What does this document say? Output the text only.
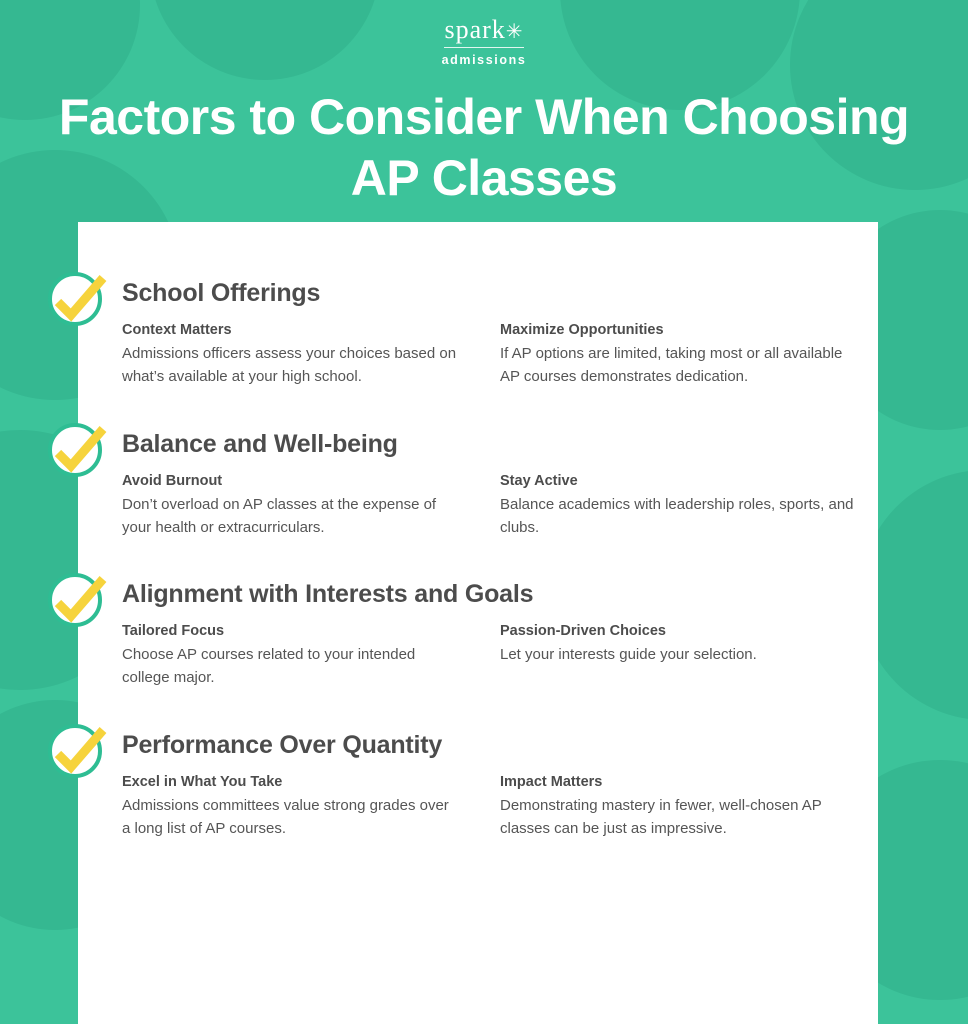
spark✳
admissions
Factors to Consider When Choosing AP Classes
School Offerings
Context Matters
Admissions officers assess your choices based on what’s available at your high school.
Maximize Opportunities
If AP options are limited, taking most or all available AP courses demonstrates dedication.
Balance and Well-being
Avoid Burnout
Don’t overload on AP classes at the expense of your health or extracurriculars.
Stay Active
Balance academics with leadership roles, sports, and clubs.
Alignment with Interests and Goals
Tailored Focus
Choose AP courses related to your intended college major.
Passion-Driven Choices
Let your interests guide your selection.
Performance Over Quantity
Excel in What You Take
Admissions committees value strong grades over a long list of AP courses.
Impact Matters
Demonstrating mastery in fewer, well-chosen AP classes can be just as impressive.
